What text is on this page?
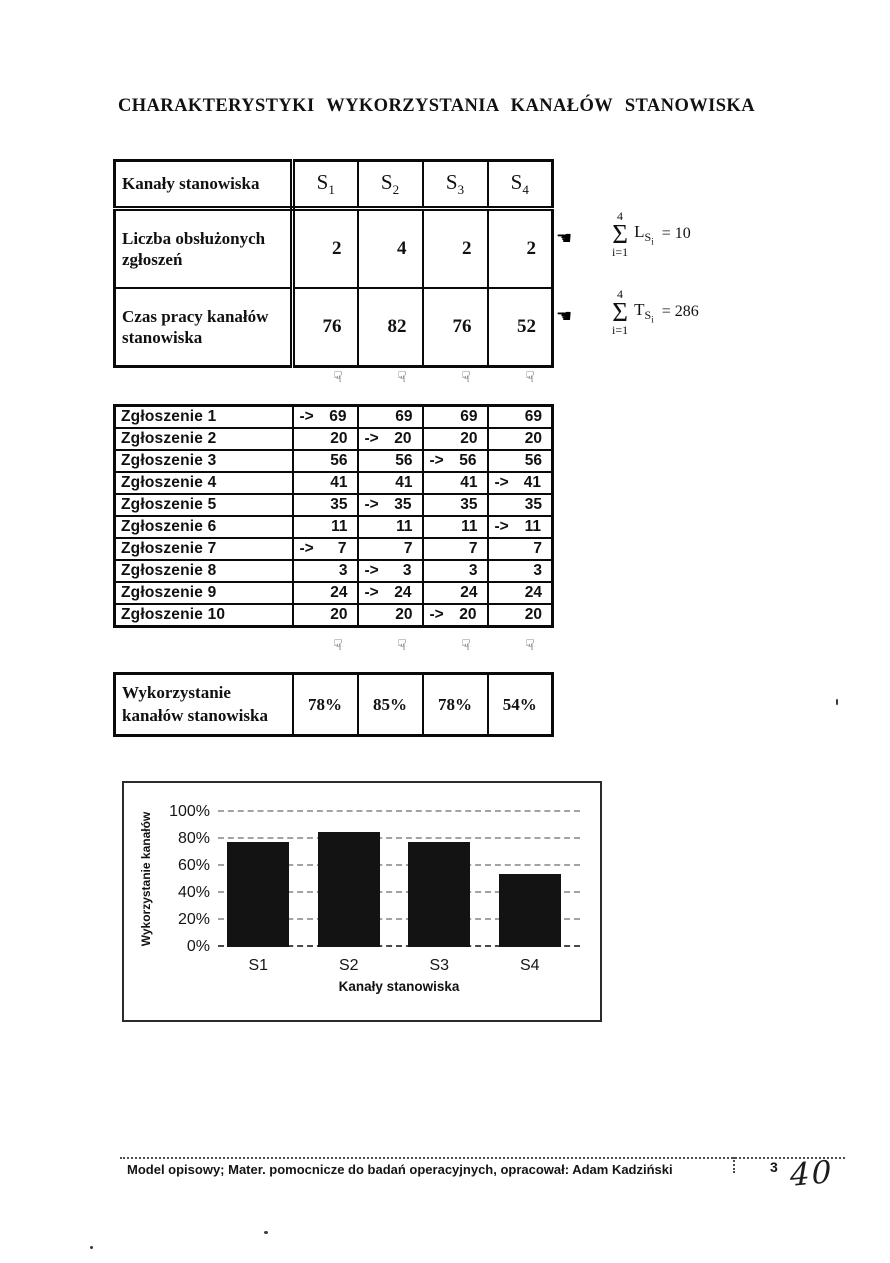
CHARAKTERYSTYKI WYKORZYSTANIA KANAŁÓW STANOWISKA
Kanały stanowiska	$S_1$	$S_2$	$S_3$	$S_4$
Liczba obsłużonych zgłoszeń	2	4	2	2
Czas pracy kanałów stanowiska	76	82	76	52
☚
4
Σ
i=1
$L_{S_i} = 10$
☚
4
Σ
i=1
$T_{S_i} = 286$
☟	☟	☟	☟
☟	☟	☟	☟
Zgłoszenie 1	-> 69	69	69	69
Zgłoszenie 2	20	-> 20	20	20
Zgłoszenie 3	56	56	-> 56	56
Zgłoszenie 4	41	41	41	-> 41

Zgłoszenie 5	35	-> 35	35	35
Zgłoszenie 6	11	11	11	-> 11

Zgłoszenie 7	-> 7	7	7	7
Zgłoszenie 8	3	-> 3	3	3
Zgłoszenie 9	24	-> 24	24	24
Zgłoszenie 10	20	20	-> 20	20
Wykorzystanie kanałów stanowiska	78%	85%	78%	54%
0%
20%
40%
60%
80%
100%
S1	S2	S3	S4
Kanały stanowiska
Wykorzystanie kanałów
Model opisowy; Mater. pomocnicze do badań operacyjnych, opracował: Adam Kadziński	3 40
